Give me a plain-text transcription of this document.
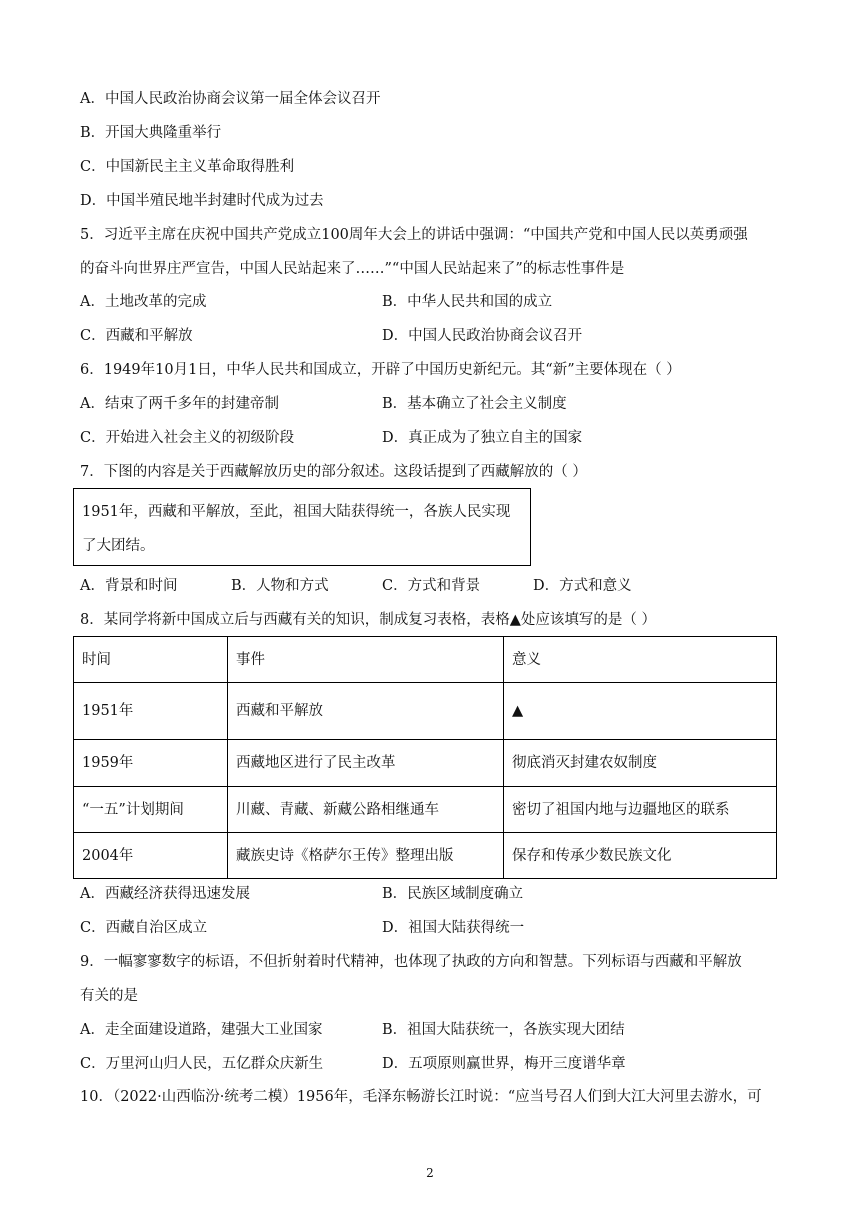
A．中国人民政治协商会议第一届全体会议召开
B．开国大典隆重举行
C．中国新民主主义革命取得胜利
D．中国半殖民地半封建时代成为过去
5．习近平主席在庆祝中国共产党成立100周年大会上的讲话中强调：“中国共产党和中国人民以英勇顽强
的奋斗向世界庄严宣告，中国人民站起来了……”“中国人民站起来了”的标志性事件是
A．土地改革的完成	B．中华人民共和国的成立
C．西藏和平解放	D．中国人民政治协商会议召开
6．1949年10月1日，中华人民共和国成立，开辟了中国历史新纪元。其“新”主要体现在（ ）
A．结束了两千多年的封建帝制	B．基本确立了社会主义制度
C．开始进入社会主义的初级阶段	D．真正成为了独立自主的国家
7．下图的内容是关于西藏解放历史的部分叙述。这段话提到了西藏解放的（ ）
1951年，西藏和平解放，至此，祖国大陆获得统一，各族人民实现
了大团结。
A．背景和时间	B．人物和方式	C．方式和背景	D．方式和意义
8．某同学将新中国成立后与西藏有关的知识，制成复习表格，表格▲处应该填写的是（ ）
时间	事件	意义
1951年	西藏和平解放	▲
1959年	西藏地区进行了民主改革	彻底消灭封建农奴制度
“一五”计划期间	川藏、青藏、新藏公路相继通车	密切了祖国内地与边疆地区的联系
2004年	藏族史诗《格萨尔王传》整理出版	保存和传承少数民族文化
A．西藏经济获得迅速发展	B．民族区域制度确立
C．西藏自治区成立	D．祖国大陆获得统一
9．一幅寥寥数字的标语，不但折射着时代精神，也体现了执政的方向和智慧。下列标语与西藏和平解放
有关的是
A．走全面建设道路，建强大工业国家	B．祖国大陆获统一，各族实现大团结
C．万里河山归人民，五亿群众庆新生	D．五项原则赢世界，梅开三度谱华章
10．（2022·山西临汾·统考二模）1956年，毛泽东畅游长江时说：“应当号召人们到大江大河里去游水，可
2
